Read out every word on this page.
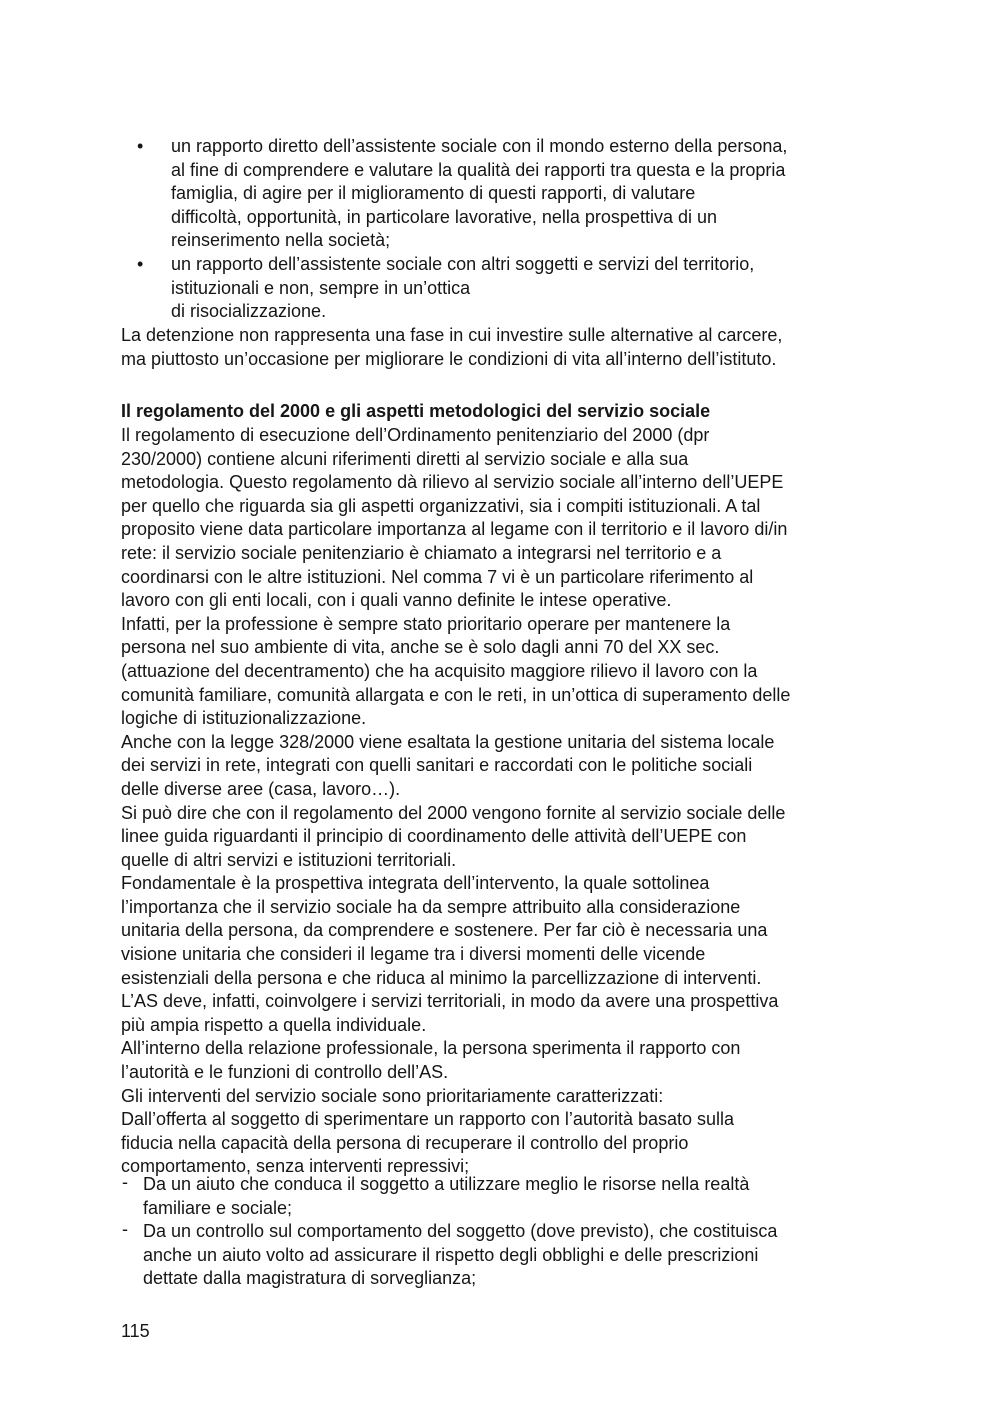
• un rapporto diretto dell’assistente sociale con il mondo esterno della persona,
al fine di comprendere e valutare la qualità dei rapporti tra questa e la propria
famiglia, di agire per il miglioramento di questi rapporti, di valutare
difficoltà, opportunità, in particolare lavorative, nella prospettiva di un
reinserimento nella società;
• un rapporto dell’assistente sociale con altri soggetti e servizi del territorio,
istituzionali e non, sempre in un’ottica
di risocializzazione.
La detenzione non rappresenta una fase in cui investire sulle alternative al carcere,
ma piuttosto un’occasione per migliorare le condizioni di vita all’interno dell’istituto.
Il regolamento del 2000 e gli aspetti metodologici del servizio sociale
Il regolamento di esecuzione dell’Ordinamento penitenziario del 2000 (dpr
230/2000) contiene alcuni riferimenti diretti al servizio sociale e alla sua
metodologia. Questo regolamento dà rilievo al servizio sociale all’interno dell’UEPE
per quello che riguarda sia gli aspetti organizzativi, sia i compiti istituzionali. A tal
proposito viene data particolare importanza al legame con il territorio e il lavoro di/in
rete: il servizio sociale penitenziario è chiamato a integrarsi nel territorio e a
coordinarsi con le altre istituzioni. Nel comma 7 vi è un particolare riferimento al
lavoro con gli enti locali, con i quali vanno definite le intese operative.
Infatti, per la professione è sempre stato prioritario operare per mantenere la
persona nel suo ambiente di vita, anche se è solo dagli anni 70 del XX sec.
(attuazione del decentramento) che ha acquisito maggiore rilievo il lavoro con la
comunità familiare, comunità allargata e con le reti, in un’ottica di superamento delle
logiche di istituzionalizzazione.
Anche con la legge 328/2000 viene esaltata la gestione unitaria del sistema locale
dei servizi in rete, integrati con quelli sanitari e raccordati con le politiche sociali
delle diverse aree (casa, lavoro…).
Si può dire che con il regolamento del 2000 vengono fornite al servizio sociale delle
linee guida riguardanti il principio di coordinamento delle attività dell’UEPE con
quelle di altri servizi e istituzioni territoriali.
Fondamentale è la prospettiva integrata dell’intervento, la quale sottolinea
l’importanza che il servizio sociale ha da sempre attribuito alla considerazione
unitaria della persona, da comprendere e sostenere. Per far ciò è necessaria una
visione unitaria che consideri il legame tra i diversi momenti delle vicende
esistenziali della persona e che riduca al minimo la parcellizzazione di interventi.
L’AS deve, infatti, coinvolgere i servizi territoriali, in modo da avere una prospettiva
più ampia rispetto a quella individuale.
All’interno della relazione professionale, la persona sperimenta il rapporto con
l’autorità e le funzioni di controllo dell’AS.
Gli interventi del servizio sociale sono prioritariamente caratterizzati:
Dall’offerta al soggetto di sperimentare un rapporto con l’autorità basato sulla
fiducia nella capacità della persona di recuperare il controllo del proprio
comportamento, senza interventi repressivi;
- Da un aiuto che conduca il soggetto a utilizzare meglio le risorse nella realtà
familiare e sociale;
- Da un controllo sul comportamento del soggetto (dove previsto), che costituisca
anche un aiuto volto ad assicurare il rispetto degli obblighi e delle prescrizioni
dettate dalla magistratura di sorveglianza;
115
